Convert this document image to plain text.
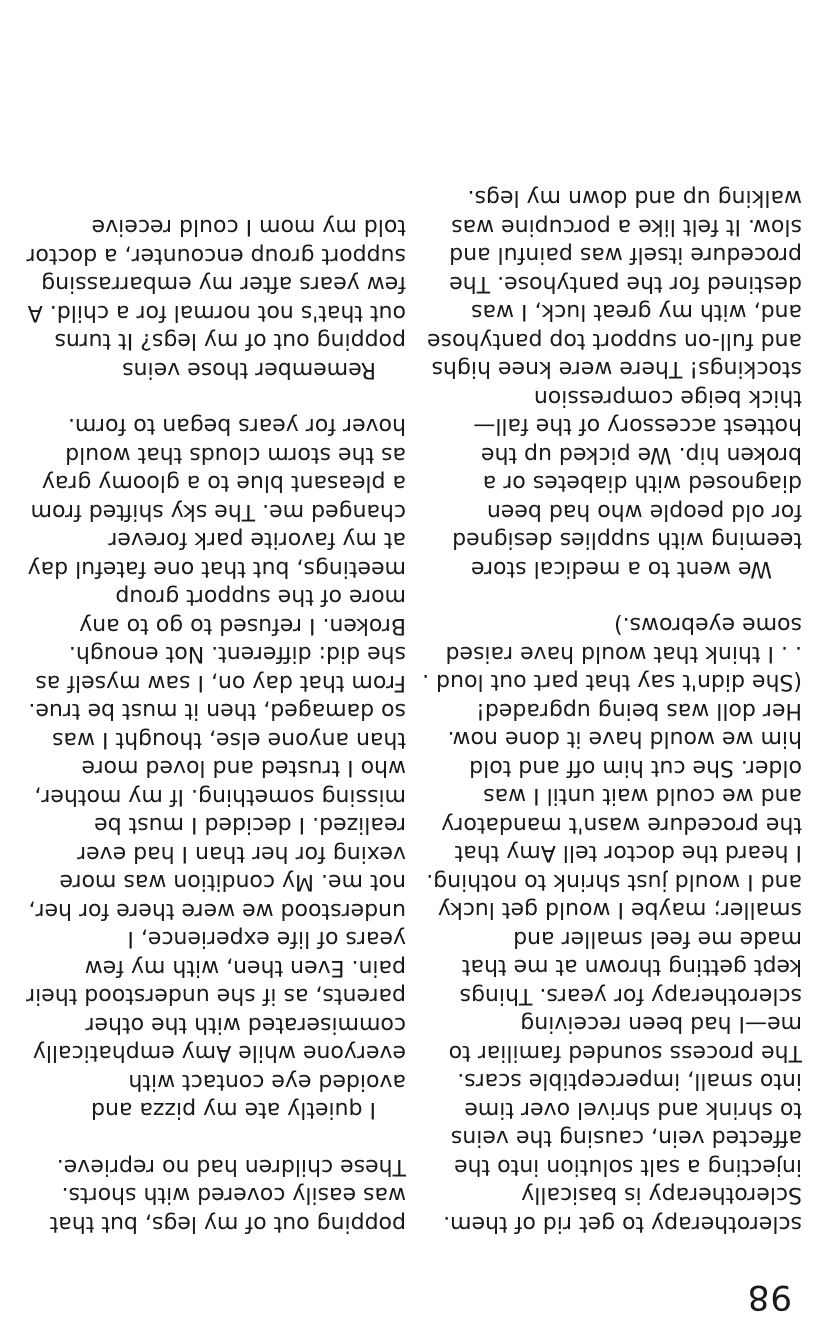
98

popping out of my legs, but that was easily covered with shorts. These children had no reprieve.

I quietly ate my pizza and avoided eye contact with everyone while Amy emphatically commiserated with the other parents, as if she understood their pain. Even then, with my few years of life experience, I understood we were there for her, not me. My condition was more vexing for her than I had ever realized. I decided I must be missing something. If my mother, who I trusted and loved more than anyone else, thought I was so damaged, then it must be true. From that day on, I saw myself as she did: different. Not enough. Broken. I refused to go to any more of the support group meetings, but that one fateful day at my favorite park forever changed me. The sky shifted from a pleasant blue to a gloomy gray as the storm clouds that would hover for years began to form.

Remember those veins popping out of my legs? It turns out that's not normal for a child. A few years after my embarrassing support group encounter, a doctor told my mom I could receive

sclerotherapy to get rid of them. Sclerotherapy is basically injecting a salt solution into the affected vein, causing the veins to shrink and shrivel over time into small, imperceptible scars. The process sounded familiar to me—I had been receiving sclerotherapy for years. Things kept getting thrown at me that made me feel smaller and smaller; maybe I would get lucky and I would just shrink to nothing. I heard the doctor tell Amy that the procedure wasn't mandatory and we could wait until I was older. She cut him off and told him we would have it done now. Her doll was being upgraded! (She didn't say that part out loud . . . I think that would have raised some eyebrows.)

We went to a medical store teeming with supplies designed for old people who had been diagnosed with diabetes or a broken hip. We picked up the hottest accessory of the fall—thick beige compression stockings! There were knee highs and full-on support top pantyhose and, with my great luck, I was destined for the pantyhose. The procedure itself was painful and slow. It felt like a porcupine was walking up and down my legs.
